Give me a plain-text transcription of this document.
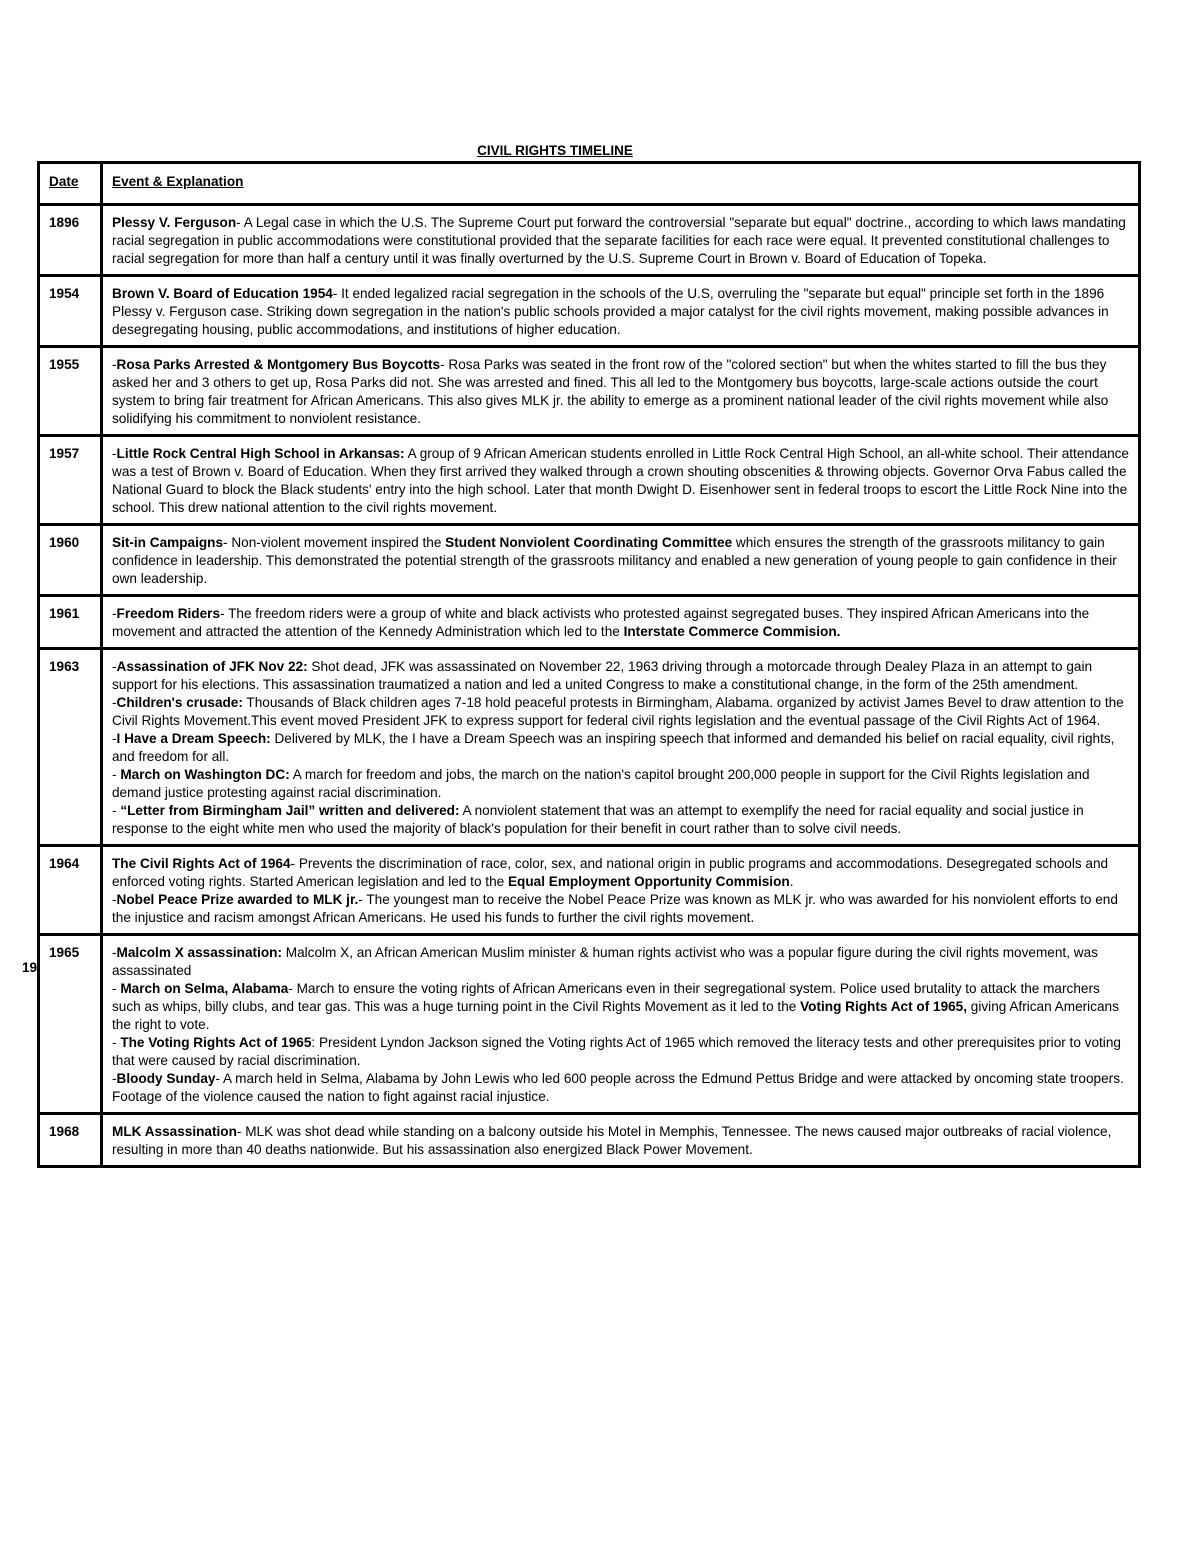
CIVIL RIGHTS TIMELINE
19
Date	Event & Explanation
1896	Plessy V. Ferguson- A Legal case in which the U.S. The Supreme Court put forward the controversial "separate but equal" doctrine., according to which laws mandating racial segregation in public accommodations were constitutional provided that the separate facilities for each race were equal. It prevented constitutional challenges to racial segregation for more than half a century until it was finally overturned by the U.S. Supreme Court in Brown v. Board of Education of Topeka.
1954	Brown V. Board of Education 1954- It ended legalized racial segregation in the schools of the U.S, overruling the "separate but equal" principle set forth in the 1896 Plessy v. Ferguson case. Striking down segregation in the nation's public schools provided a major catalyst for the civil rights movement, making possible advances in desegregating housing, public accommodations, and institutions of higher education.
1955	-Rosa Parks Arrested & Montgomery Bus Boycotts- Rosa Parks was seated in the front row of the "colored section" but when the whites started to fill the bus they asked her and 3 others to get up, Rosa Parks did not. She was arrested and fined. This all led to the Montgomery bus boycotts, large-scale actions outside the court system to bring fair treatment for African Americans. This also gives MLK jr. the ability to emerge as a prominent national leader of the civil rights movement while also solidifying his commitment to nonviolent resistance.
1957	-Little Rock Central High School in Arkansas: A group of 9 African American students enrolled in Little Rock Central High School, an all-white school. Their attendance was a test of Brown v. Board of Education. When they first arrived they walked through a crown shouting obscenities & throwing objects. Governor Orva Fabus called the National Guard to block the Black students' entry into the high school. Later that month Dwight D. Eisenhower sent in federal troops to escort the Little Rock Nine into the school. This drew national attention to the civil rights movement.
1960	Sit-in Campaigns- Non-violent movement inspired the Student Nonviolent Coordinating Committee which ensures the strength of the grassroots militancy to gain confidence in leadership. This demonstrated the potential strength of the grassroots militancy and enabled a new generation of young people to gain confidence in their own leadership.
1961	-Freedom Riders- The freedom riders were a group of white and black activists who protested against segregated buses. They inspired African Americans into the movement and attracted the attention of the Kennedy Administration which led to the Interstate Commerce Commision.
1963	-Assassination of JFK Nov 22: Shot dead, JFK was assassinated on November 22, 1963 driving through a motorcade through Dealey Plaza in an attempt to gain support for his elections. This assassination traumatized a nation and led a united Congress to make a constitutional change, in the form of the 25th amendment.
-Children's crusade: Thousands of Black children ages 7-18 hold peaceful protests in Birmingham, Alabama. organized by activist James Bevel to draw attention to the Civil Rights Movement.This event moved President JFK to express support for federal civil rights legislation and the eventual passage of the Civil Rights Act of 1964.
-I Have a Dream Speech: Delivered by MLK, the I have a Dream Speech was an inspiring speech that informed and demanded his belief on racial equality, civil rights, and freedom for all.
- March on Washington DC: A march for freedom and jobs, the march on the nation's capitol brought 200,000 people in support for the Civil Rights legislation and demand justice protesting against racial discrimination.
- “Letter from Birmingham Jail” written and delivered: A nonviolent statement that was an attempt to exemplify the need for racial equality and social justice in response to the eight white men who used the majority of black's population for their benefit in court rather than to solve civil needs.
1964	The Civil Rights Act of 1964- Prevents the discrimination of race, color, sex, and national origin in public programs and accommodations. Desegregated schools and enforced voting rights. Started American legislation and led to the Equal Employment Opportunity Commision.
-Nobel Peace Prize awarded to MLK jr.- The youngest man to receive the Nobel Peace Prize was known as MLK jr. who was awarded for his nonviolent efforts to end the injustice and racism amongst African Americans. He used his funds to further the civil rights movement.
1965	-Malcolm X assassination: Malcolm X, an African American Muslim minister & human rights activist who was a popular figure during the civil rights movement, was assassinated
- March on Selma, Alabama- March to ensure the voting rights of African Americans even in their segregational system. Police used brutality to attack the marchers such as whips, billy clubs, and tear gas. This was a huge turning point in the Civil Rights Movement as it led to the Voting Rights Act of 1965, giving African Americans the right to vote.
- The Voting Rights Act of 1965: President Lyndon Jackson signed the Voting rights Act of 1965 which removed the literacy tests and other prerequisites prior to voting that were caused by racial discrimination.
-Bloody Sunday- A march held in Selma, Alabama by John Lewis who led 600 people across the Edmund Pettus Bridge and were attacked by oncoming state troopers. Footage of the violence caused the nation to fight against racial injustice.
1968	MLK Assassination- MLK was shot dead while standing on a balcony outside his Motel in Memphis, Tennessee. The news caused major outbreaks of racial violence, resulting in more than 40 deaths nationwide. But his assassination also energized Black Power Movement.
